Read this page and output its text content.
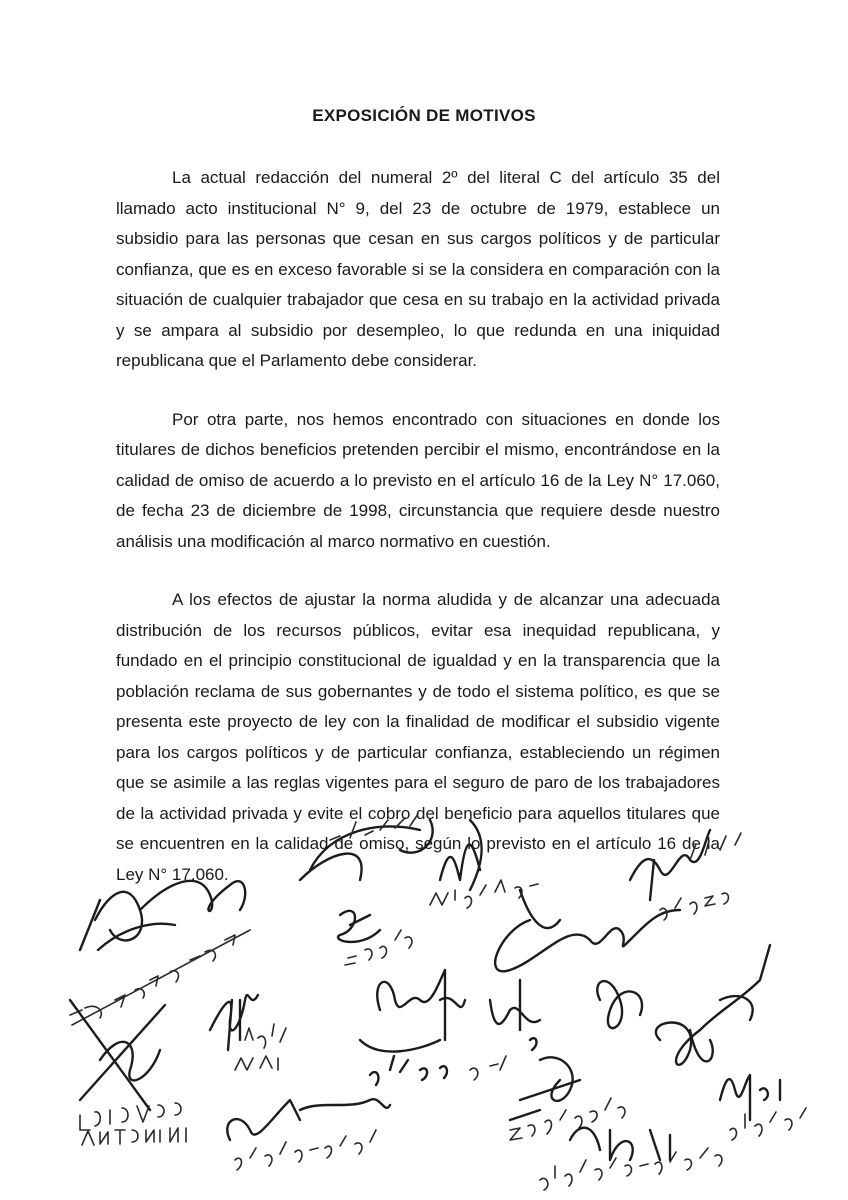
EXPOSICIÓN DE MOTIVOS

La actual redacción del numeral 2º del literal C del artículo 35 del llamado acto institucional N° 9, del 23 de octubre de 1979, establece un subsidio para las personas que cesan en sus cargos políticos y de particular confianza, que es en exceso favorable si se la considera en comparación con la situación de cualquier trabajador que cesa en su trabajo en la actividad privada y se ampara al subsidio por desempleo, lo que redunda en una iniquidad republicana que el Parlamento debe considerar.

Por otra parte, nos hemos encontrado con situaciones en donde los titulares de dichos beneficios pretenden percibir el mismo, encontrándose en la calidad de omiso de acuerdo a lo previsto en el artículo 16 de la Ley N° 17.060, de fecha 23 de diciembre de 1998, circunstancia que requiere desde nuestro análisis una modificación al marco normativo en cuestión.

A los efectos de ajustar la norma aludida y de alcanzar una adecuada distribución de los recursos públicos, evitar esa inequidad republicana, y fundado en el principio constitucional de igualdad y en la transparencia que la población reclama de sus gobernantes y de todo el sistema político, es que se presenta este proyecto de ley con la finalidad de modificar el subsidio vigente para los cargos políticos y de particular confianza, estableciendo un régimen que se asimile a las reglas vigentes para el seguro de paro de los trabajadores de la actividad privada y evite el cobro del beneficio para aquellos titulares que se encuentren en la calidad de omiso, según lo previsto en el artículo 16 de la Ley N° 17.060.
